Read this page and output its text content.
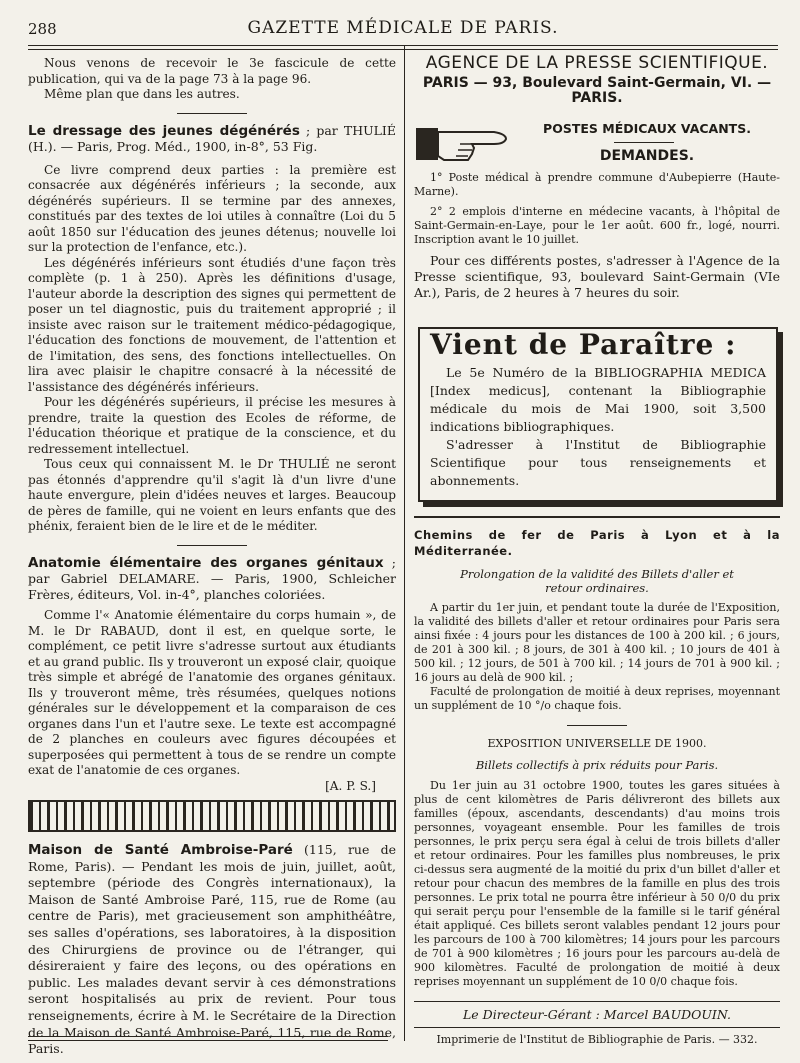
288	GAZETTE MÉDICALE DE PARIS.

Nous venons de recevoir le 3e fascicule de cette publication, qui va de la page 73 à la page 96.

Même plan que dans les autres.

Le dressage des jeunes dégénérés ; par THULIÉ (H.). — Paris, Prog. Méd., 1900, in-8°, 53 Fig.

Ce livre comprend deux parties : la première est consacrée aux dégénérés inférieurs ; la seconde, aux dégénérés supérieurs. Il se termine par des annexes, constitués par des textes de loi utiles à connaître (Loi du 5 août 1850 sur l'éducation des jeunes détenus; nouvelle loi sur la protection de l'enfance, etc.).

Les dégénérés inférieurs sont étudiés d'une façon très complète (p. 1 à 250). Après les définitions d'usage, l'auteur aborde la description des signes qui permettent de poser un tel diagnostic, puis du traitement approprié ; il insiste avec raison sur le traitement médico-pédagogique, l'éducation des fonctions de mouvement, de l'attention et de l'imitation, des sens, des fonctions intellectuelles. On lira avec plaisir le chapitre consacré à la nécessité de l'assistance des dégénérés inférieurs.

Pour les dégénérés supérieurs, il précise les mesures à prendre, traite la question des Ecoles de réforme, de l'éducation théorique et pratique de la conscience, et du redressement intellectuel.

Tous ceux qui connaissent M. le Dr THULIÉ ne seront pas étonnés d'apprendre qu'il s'agit là d'un livre d'une haute envergure, plein d'idées neuves et larges. Beaucoup de pères de famille, qui ne voient en leurs enfants que des phénix, feraient bien de le lire et de le méditer.

Anatomie élémentaire des organes génitaux ; par Gabriel DELAMARE. — Paris, 1900, Schleicher Frères, éditeurs, Vol. in-4°, planches coloriées.

Comme l'« Anatomie élémentaire du corps humain », de M. le Dr RABAUD, dont il est, en quelque sorte, le complément, ce petit livre s'adresse surtout aux étudiants et au grand public. Ils y trouveront un exposé clair, quoique très simple et abrégé de l'anatomie des organes génitaux. Ils y trouveront même, très résumées, quelques notions générales sur le développement et la comparaison de ces organes dans l'un et l'autre sexe. Le texte est accompagné de 2 planches en couleurs avec figures découpées et superposées qui permettent à tous de se rendre un compte exat de l'anatomie de ces organes.

[A. P. S.]

Maison de Santé Ambroise-Paré (115, rue de Rome, Paris). — Pendant les mois de juin, juillet, août, septembre (période des Congrès internationaux), la Maison de Santé Ambroise Paré, 115, rue de Rome (au centre de Paris), met gracieusement son amphithéâtre, ses salles d'opérations, ses laboratoires, à la disposition des Chirurgiens de province ou de l'étranger, qui désireraient y faire des leçons, ou des opérations en public. Les malades devant servir à ces démonstrations seront hospitalisés au prix de revient. Pour tous renseignements, écrire à M. le Secrétaire de la Direction de la Maison de Santé Ambroise-Paré, 115, rue de Rome, Paris.

AGENCE DE LA PRESSE SCIENTIFIQUE.
PARIS — 93, Boulevard Saint-Germain, VI. — PARIS.
POSTES MÉDICAUX VACANTS.
DEMANDES.

1° Poste médical à prendre commune d'Aubepierre (Haute-Marne).

2° 2 emplois d'interne en médecine vacants, à l'hôpital de Saint-Germain-en-Laye, pour le 1er août. 600 fr., logé, nourri. Inscription avant le 10 juillet.

Pour ces différents postes, s'adresser à l'Agence de la Presse scientifique, 93, boulevard Saint-Germain (VIe Ar.), Paris, de 2 heures à 7 heures du soir.

Vient de Paraître :

Le 5e Numéro de la BIBLIOGRAPHIA MEDICA [Index medicus], contenant la Bibliographie médicale du mois de Mai 1900, soit 3,500 indications bibliographiques.

S'adresser à l'Institut de Bibliographie Scientifique pour tous renseignements et abonnements.

Chemins de fer de Paris à Lyon et à la Méditerranée.

Prolongation de la validité des Billets d'aller et retour ordinaires.

A partir du 1er juin, et pendant toute la durée de l'Exposition, la validité des billets d'aller et retour ordinaires pour Paris sera ainsi fixée : 4 jours pour les distances de 100 à 200 kil. ; 6 jours, de 201 à 300 kil. ; 8 jours, de 301 à 400 kil. ; 10 jours de 401 à 500 kil. ; 12 jours, de 501 à 700 kil. ; 14 jours de 701 à 900 kil. ; 16 jours au delà de 900 kil. ;

Faculté de prolongation de moitié à deux reprises, moyennant un supplément de 10 °/o chaque fois.

EXPOSITION UNIVERSELLE DE 1900.

Billets collectifs à prix réduits pour Paris.

Du 1er juin au 31 octobre 1900, toutes les gares situées à plus de cent kilomètres de Paris délivreront des billets aux familles (époux, ascendants, descendants) d'au moins trois personnes, voyageant ensemble. Pour les familles de trois personnes, le prix perçu sera égal à celui de trois billets d'aller et retour ordinaires. Pour les familles plus nombreuses, le prix ci-dessus sera augmenté de la moitié du prix d'un billet d'aller et retour pour chacun des membres de la famille en plus des trois personnes. Le prix total ne pourra être inférieur à 50 0/0 du prix qui serait perçu pour l'ensemble de la famille si le tarif général était appliqué. Ces billets seront valables pendant 12 jours pour les parcours de 100 à 700 kilomètres; 14 jours pour les parcours de 701 à 900 kilomètres ; 16 jours pour les parcours au-delà de 900 kilomètres. Faculté de prolongation de moitié à deux reprises moyennant un supplément de 10 0/0 chaque fois.

Le Directeur-Gérant : Marcel BAUDOUIN.

Imprimerie de l'Institut de Bibliographie de Paris. — 332.
